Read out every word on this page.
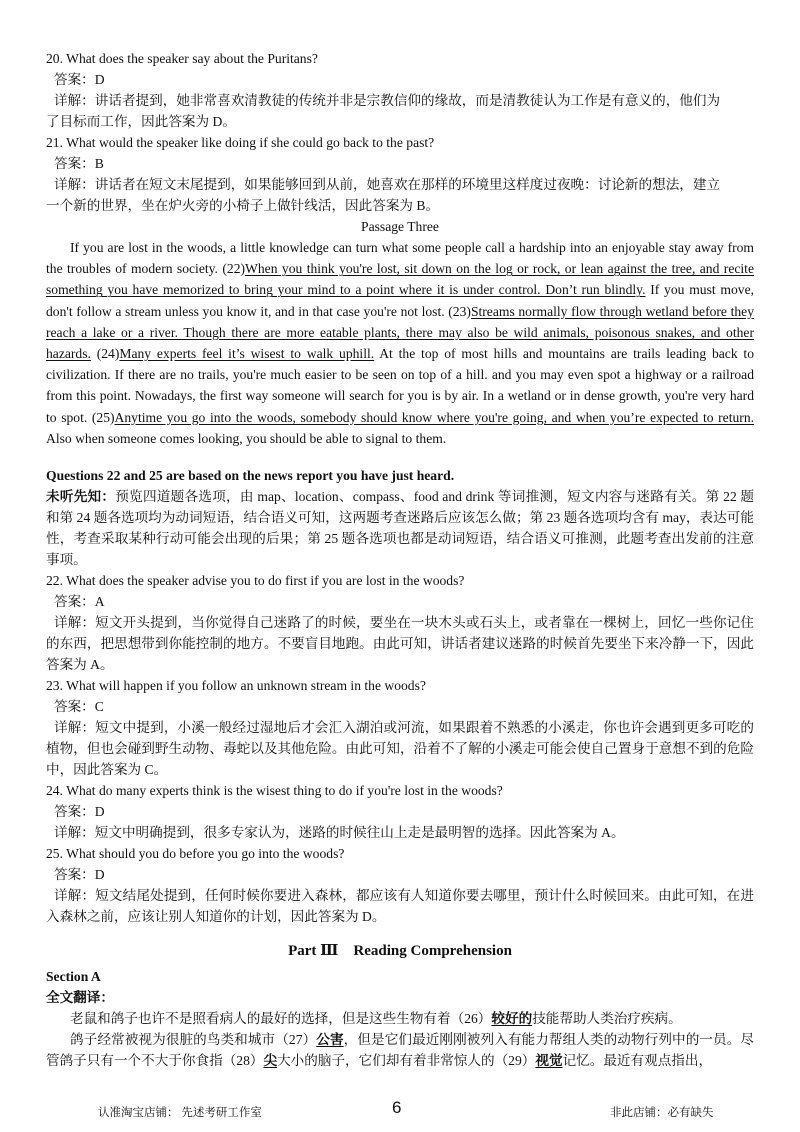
20. What does the speaker say about the Puritans?
答案：D
详解：讲话者提到，她非常喜欢清教徒的传统并非是宗教信仰的缘故，而是清教徒认为工作是有意义的，他们为
了目标而工作，因此答案为 D。
21. What would the speaker like doing if she could go back to the past?
答案：B
详解：讲话者在短文末尾提到，如果能够回到从前，她喜欢在那样的环境里这样度过夜晚：讨论新的想法，建立
一个新的世界，坐在炉火旁的小椅子上做针线活，因此答案为 B。
Passage Three
If you are lost in the woods, a little knowledge can turn what some people call a hardship into an enjoyable stay away from the troubles of modern society. (22)When you think you're lost, sit down on the log or rock, or lean against the tree, and recite something you have memorized to bring your mind to a point where it is under control. Don’t run blindly. If you must move, don't follow a stream unless you know it, and in that case you're not lost. (23)Streams normally flow through wetland before they reach a lake or a river. Though there are more eatable plants, there may also be wild animals, poisonous snakes, and other hazards. (24)Many experts feel it’s wisest to walk uphill. At the top of most hills and mountains are trails leading back to civilization. If there are no trails, you're much easier to be seen on top of a hill. and you may even spot a highway or a railroad from this point. Nowadays, the first way someone will search for you is by air. In a wetland or in dense growth, you're very hard to spot. (25)Anytime you go into the woods, somebody should know where you're going, and when you’re expected to return. Also when someone comes looking, you should be able to signal to them.
Questions 22 and 25 are based on the news report you have just heard.
未听先知：预览四道题各选项，由 map、location、compass、food and drink 等词推测，短文内容与迷路有关。第 22 题和第 24 题各选项均为动词短语，结合语义可知，这两题考查迷路后应该怎么做；第 23 题各选项均含有 may，表达可能性，考查采取某种行动可能会出现的后果；第 25 题各选项也都是动词短语，结合语义可推测，此题考查出发前的注意事项。
22. What does the speaker advise you to do first if you are lost in the woods?
答案：A
详解：短文开头提到，当你觉得自己迷路了的时候，要坐在一块木头或石头上，或者靠在一棵树上，回忆一些你记住的东西，把思想带到你能控制的地方。不要盲目地跑。由此可知，讲话者建议迷路的时候首先要坐下来冷静一下，因此答案为 A。
23. What will happen if you follow an unknown stream in the woods?
答案：C
详解：短文中提到，小溪一般经过湿地后才会汇入湖泊或河流，如果跟着不熟悉的小溪走，你也许会遇到更多可吃的植物，但也会碰到野生动物、毒蛇以及其他危险。由此可知，沿着不了解的小溪走可能会使自己置身于意想不到的危险中，因此答案为 C。
24. What do many experts think is the wisest thing to do if you're lost in the woods?
答案：D
详解：短文中明确提到，很多专家认为，迷路的时候往山上走是最明智的选择。因此答案为 A。
25. What should you do before you go into the woods?
答案：D
详解：短文结尾处提到，任何时候你要进入森林，都应该有人知道你要去哪里，预计什么时候回来。由此可知，在进入森林之前，应该让别人知道你的计划，因此答案为 D。
Part Ⅲ Reading Comprehension
Section A
全文翻译：
老鼠和鸽子也许不是照看病人的最好的选择，但是这些生物有着（26）较好的技能帮助人类治疗疾病。
鸽子经常被视为很脏的鸟类和城市（27）公害，但是它们最近刚刚被列入有能力帮组人类的动物行列中的一员。尽管鸽子只有一个不大于你食指（28）尖大小的脑子，它们却有着非常惊人的（29）视觉记忆。最近有观点指出，
认准淘宝店铺： 先述考研工作室	6	非此店铺：必有缺失
